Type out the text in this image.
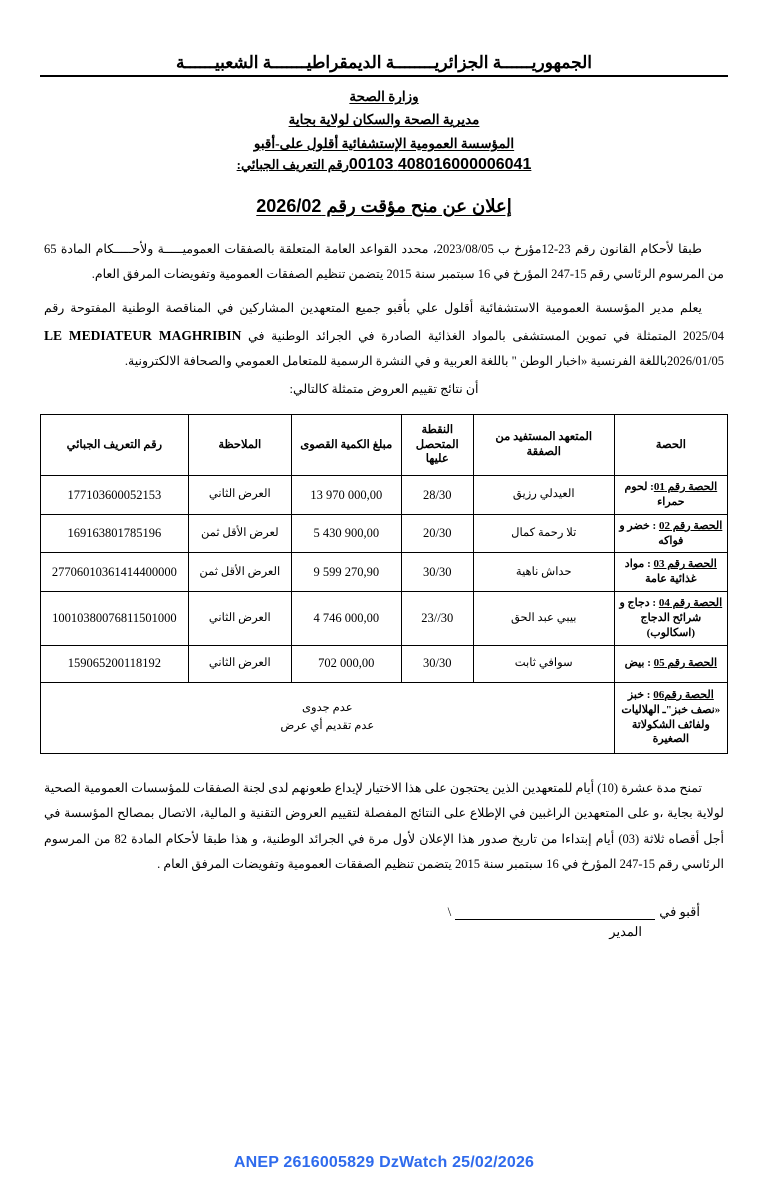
الجمهوريــــــة الجزائريــــــــة الديمقراطيـــــــة الشعبيــــــة
وزارة الصحة
مديرية الصحة والسكان لولاية بجاية
المؤسسة العمومية الإستشفائية أقلول على-أقبو
408016000006041 00103رقم التعريف الجبائي:
إعلان عن منح مؤقت رقم 2026/02

طبقا لأحكام القانون رقم 23-12مؤرخ ب 2023/08/05، محدد القواعد العامة المتعلقة بالصفقات العموميـــــة ولأحـــــكام المادة 65 من المرسوم الرئاسي رقم 15-247 المؤرخ في 16 سبتمبر سنة 2015 يتضمن تنظيم الصفقات العمومية وتفويضات المرفق العام.

يعلم مدير المؤسسة العمومية الاستشفائية أقلول علي بأقبو جميع المتعهدين المشاركين في المناقصة الوطنية المفتوحة رقم 2025/04 المتمثلة في تموين المستشفى بالمواد الغذائية الصادرة في الجرائد الوطنية في LE MEDIATEUR MAGHRIBIN 2026/01/05باللغة الفرنسية «اخبار الوطن " باللغة العربية و في النشرة الرسمية للمتعامل العمومي والصحافة الالكترونية.

أن نتائج تقييم العروض متمثلة كالتالي:

الحصة	المتعهد المستفيد من الصفقة	النقطة المتحصل عليها	مبلغ الكمية القصوى	الملاحظة	رقم التعريف الجبائي
الحصة رقم 01: لحوم حمراء	العيدلي رزيق	28/30	13 970 000,00	العرض الثاني	177103600052153
الحصة رقم 02 : خضر و فواكه	تلا رحمة كمال	20/30	5 430 900,00	لعرض الأقل ثمن	169163801785196
الحصة رقم 03 : مواد غذائية عامة	حداش ناهية	30/30	9 599 270,90	العرض الأقل ثمن	27706010361414400000
الحصة رقم 04 : دجاج و شرائح الدجاج (اسكالوب)	بيبي عبد الحق	23//30	4 746 000,00	العرض الثاني	10010380076811501000
الحصة رقم 05 : بيض	سوافي ثابت	30/30	702 000,00	العرض الثاني	159065200118192
الحصة رقم06 : خبز «نصف خبز"ـ الهلاليات ولفائف الشكولاتة الصغيرة	عدم جدوى
عدم تقديم أي عرض				

تمنح مدة عشرة (10) أيام للمتعهدين الذين يحتجون على هذا الاختيار لإيداع طعونهم لدى لجنة الصفقات للمؤسسات العمومية الصحية لولاية بجاية ،و على المتعهدين الراغبين في الإطلاع على النتائج المفصلة لتقييم العروض التقنية و المالية، الاتصال بمصالح المؤسسة في أجل أقصاه ثلاثة (03) أيام إبتداءا من تاريخ صدور هذا الإعلان لأول مرة في الجرائد الوطنية، و هذا طبقا لأحكام المادة 82 من المرسوم الرئاسي رقم 15-247 المؤرخ في 16 سبتمبر سنة 2015 يتضمن تنظيم الصفقات العمومية وتفويضات المرفق العام .

أقبو في
\
المدير
ANEP 2616005829 DzWatch 25/02/2026
